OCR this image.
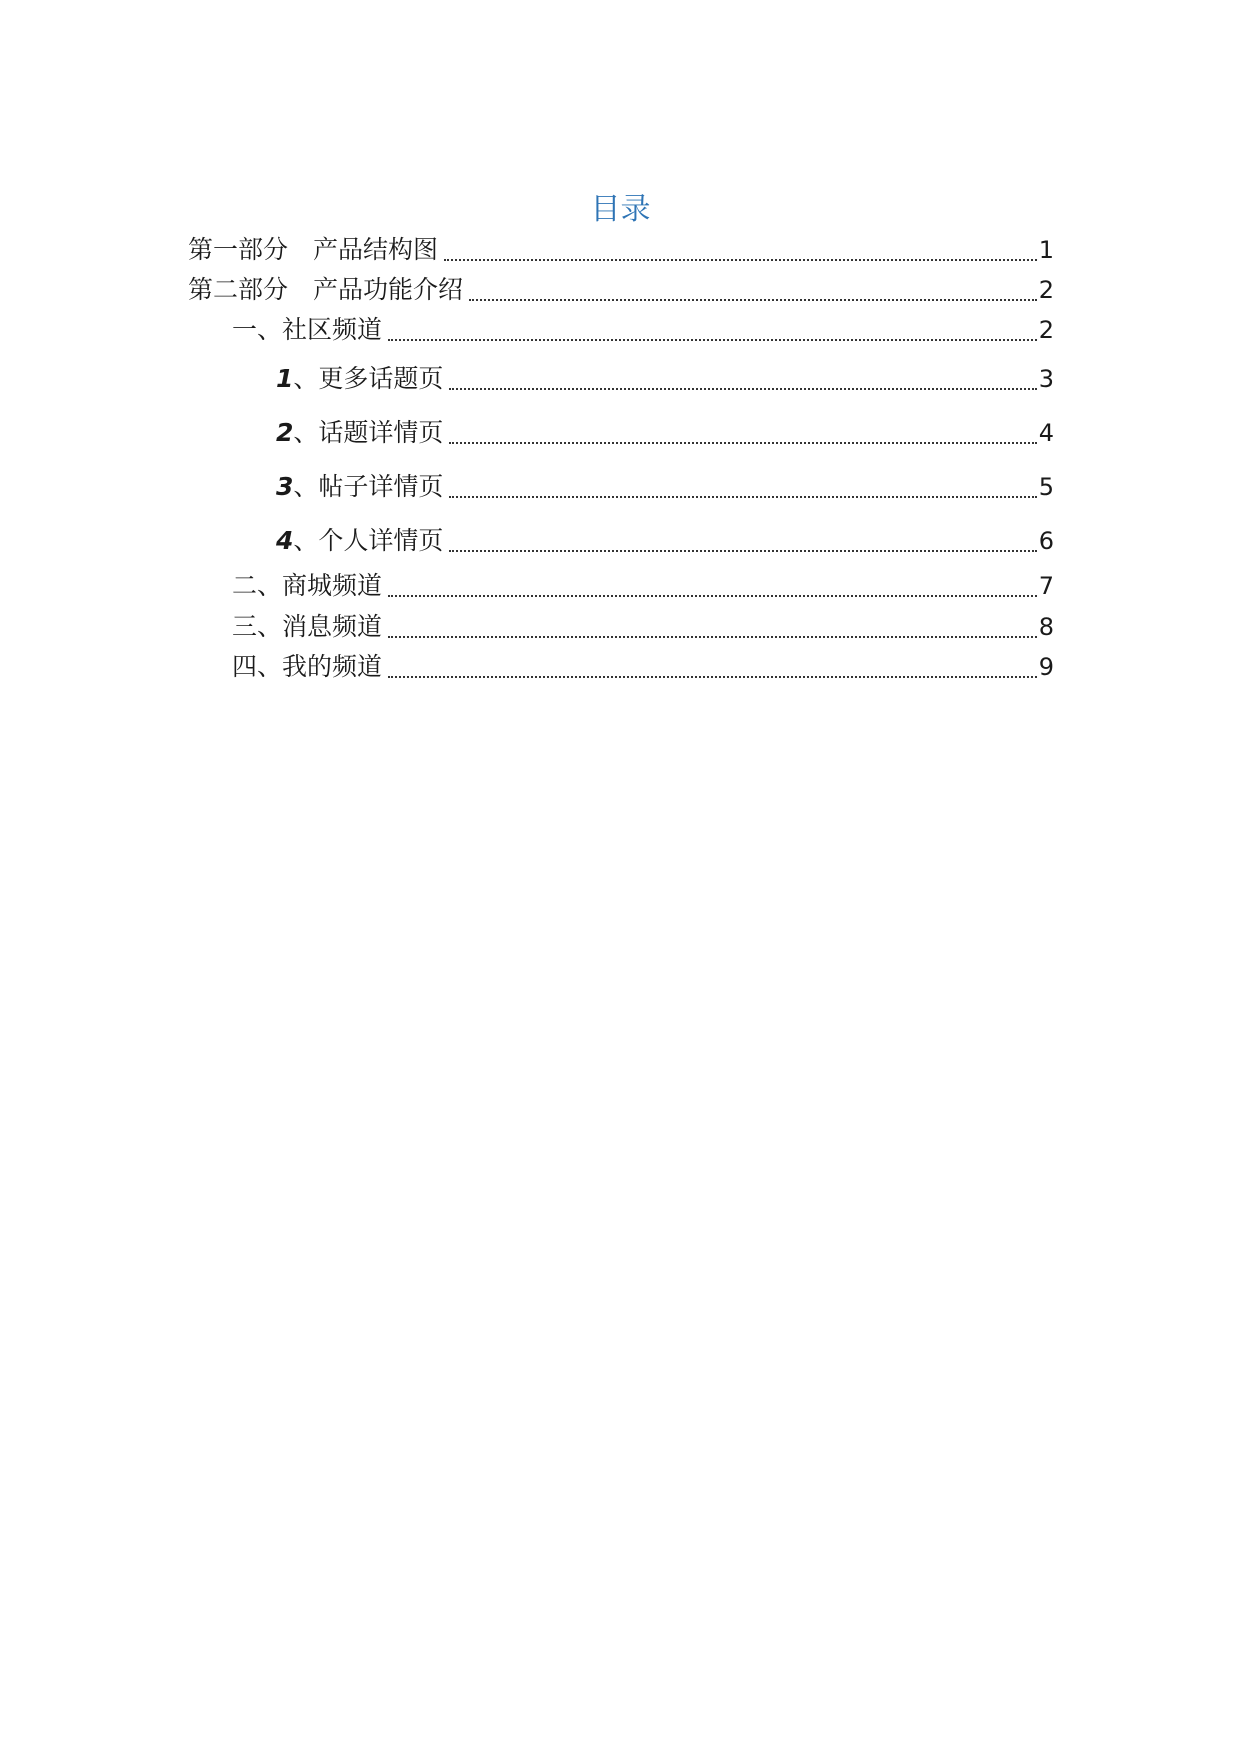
目录
第一部分　产品结构图	1
第二部分　产品功能介绍	2
一、社区频道	2
1、更多话题页	3
2、话题详情页	4
3、帖子详情页	5
4、个人详情页	6
二、商城频道	7
三、消息频道	8
四、我的频道	9
